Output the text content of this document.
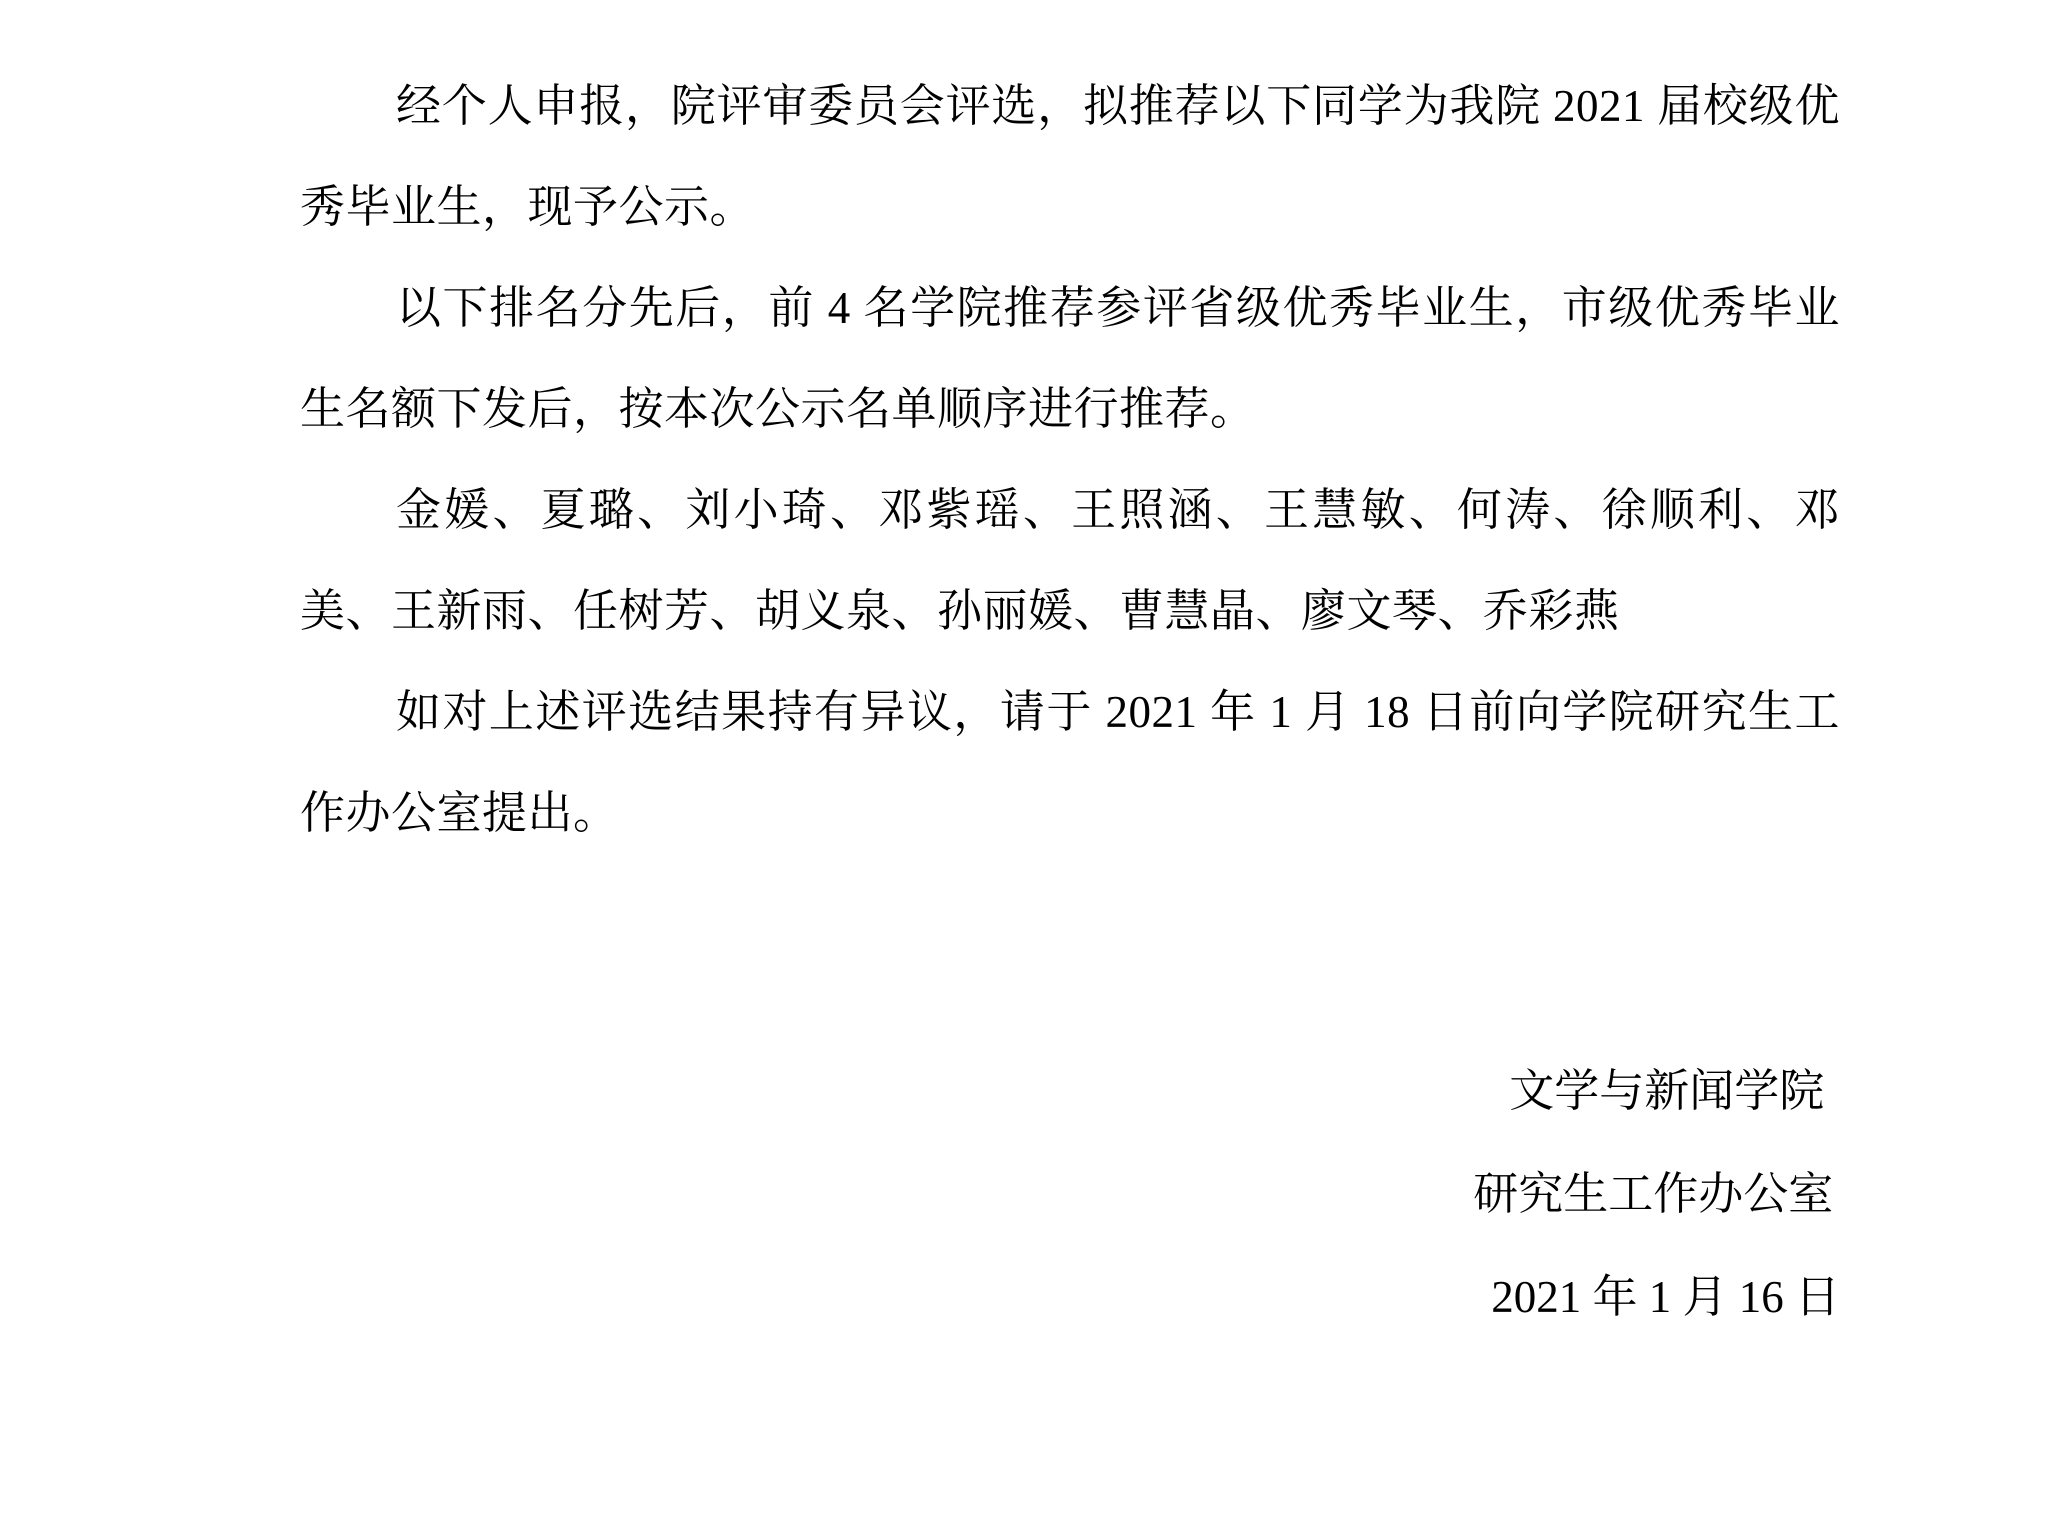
经个人申报，院评审委员会评选，拟推荐以下同学为我院 2021 届校级优秀毕业生，现予公示。

以下排名分先后，前 4 名学院推荐参评省级优秀毕业生，市级优秀毕业生名额下发后，按本次公示名单顺序进行推荐。

金媛、夏璐、刘小琦、邓紫瑶、王照涵、王慧敏、何涛、徐顺利、邓美、王新雨、任树芳、胡义泉、孙丽媛、曹慧晶、廖文琴、乔彩燕

如对上述评选结果持有异议，请于 2021 年 1 月 18 日前向学院研究生工作办公室提出。

文学与新闻学院
研究生工作办公室
2021 年 1 月 16 日
